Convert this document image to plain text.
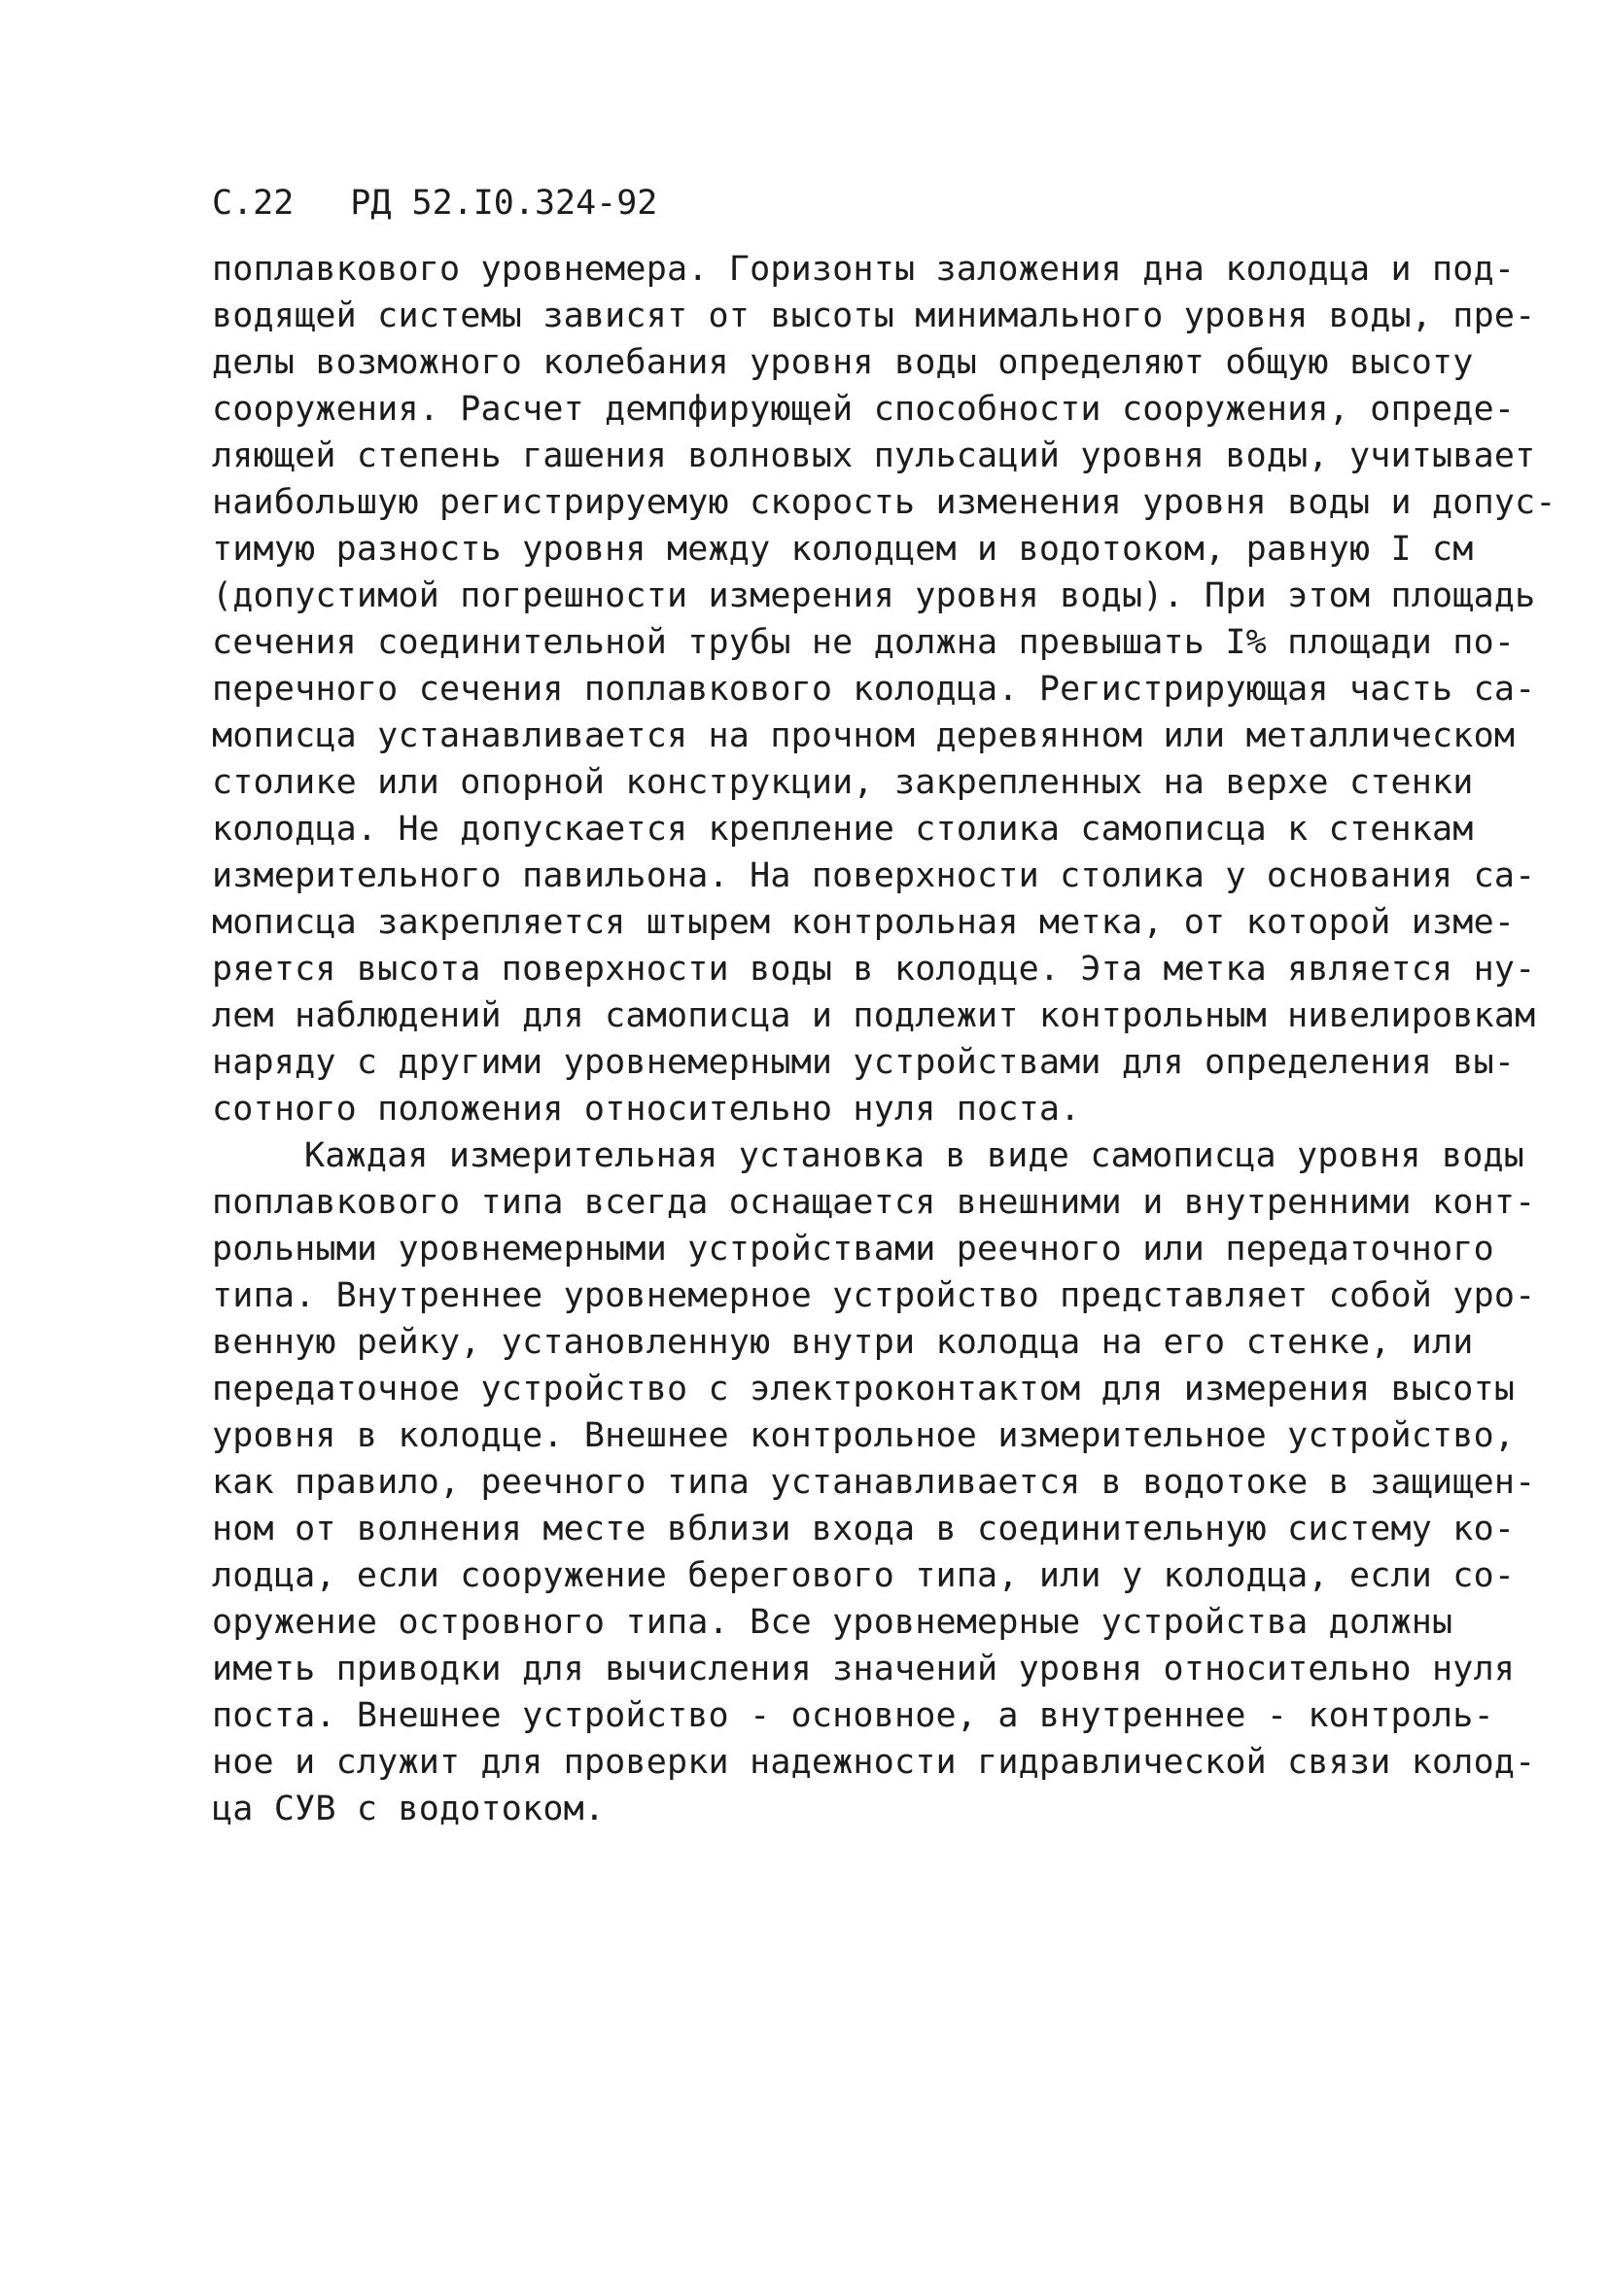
С.22 РД 52.I0.324-92
поплавкового уровнемера. Горизонты заложения дна колодца и под-
водящей системы зависят от высоты минимального уровня воды, пре-
делы возможного колебания уровня воды определяют общую высоту
сооружения. Расчет демпфирующей способности сооружения, опреде-
ляющей степень гашения волновых пульсаций уровня воды, учитывает
наибольшую регистрируемую скорость изменения уровня воды и допус-
тимую разность уровня между колодцем и водотоком, равную I см
(допустимой погрешности измерения уровня воды). При этом площадь
сечения соединительной трубы не должна превышать I% площади по-
перечного сечения поплавкового колодца. Регистрирующая часть са-
мописца устанавливается на прочном деревянном или металлическом
столике или опорной конструкции, закрепленных на верхе стенки
колодца. Не допускается крепление столика самописца к стенкам
измерительного павильона. На поверхности столика у основания са-
мописца закрепляется штырем контрольная метка, от которой изме-
ряется высота поверхности воды в колодце. Эта метка является ну-
лем наблюдений для самописца и подлежит контрольным нивелировкам
наряду с другими уровнемерными устройствами для определения вы-
сотного положения относительно нуля поста.
Каждая измерительная установка в виде самописца уровня воды
поплавкового типа всегда оснащается внешними и внутренними конт-
рольными уровнемерными устройствами реечного или передаточного
типа. Внутреннее уровнемерное устройство представляет собой уро-
венную рейку, установленную внутри колодца на его стенке, или
передаточное устройство с электроконтактом для измерения высоты
уровня в колодце. Внешнее контрольное измерительное устройство,
как правило, реечного типа устанавливается в водотоке в защищен-
ном от волнения месте вблизи входа в соединительную систему ко-
лодца, если сооружение берегового типа, или у колодца, если со-
оружение островного типа. Все уровнемерные устройства должны
иметь приводки для вычисления значений уровня относительно нуля
поста. Внешнее устройство - основное, а внутреннее - контроль-
ное и служит для проверки надежности гидравлической связи колод-
ца СУВ с водотоком.
